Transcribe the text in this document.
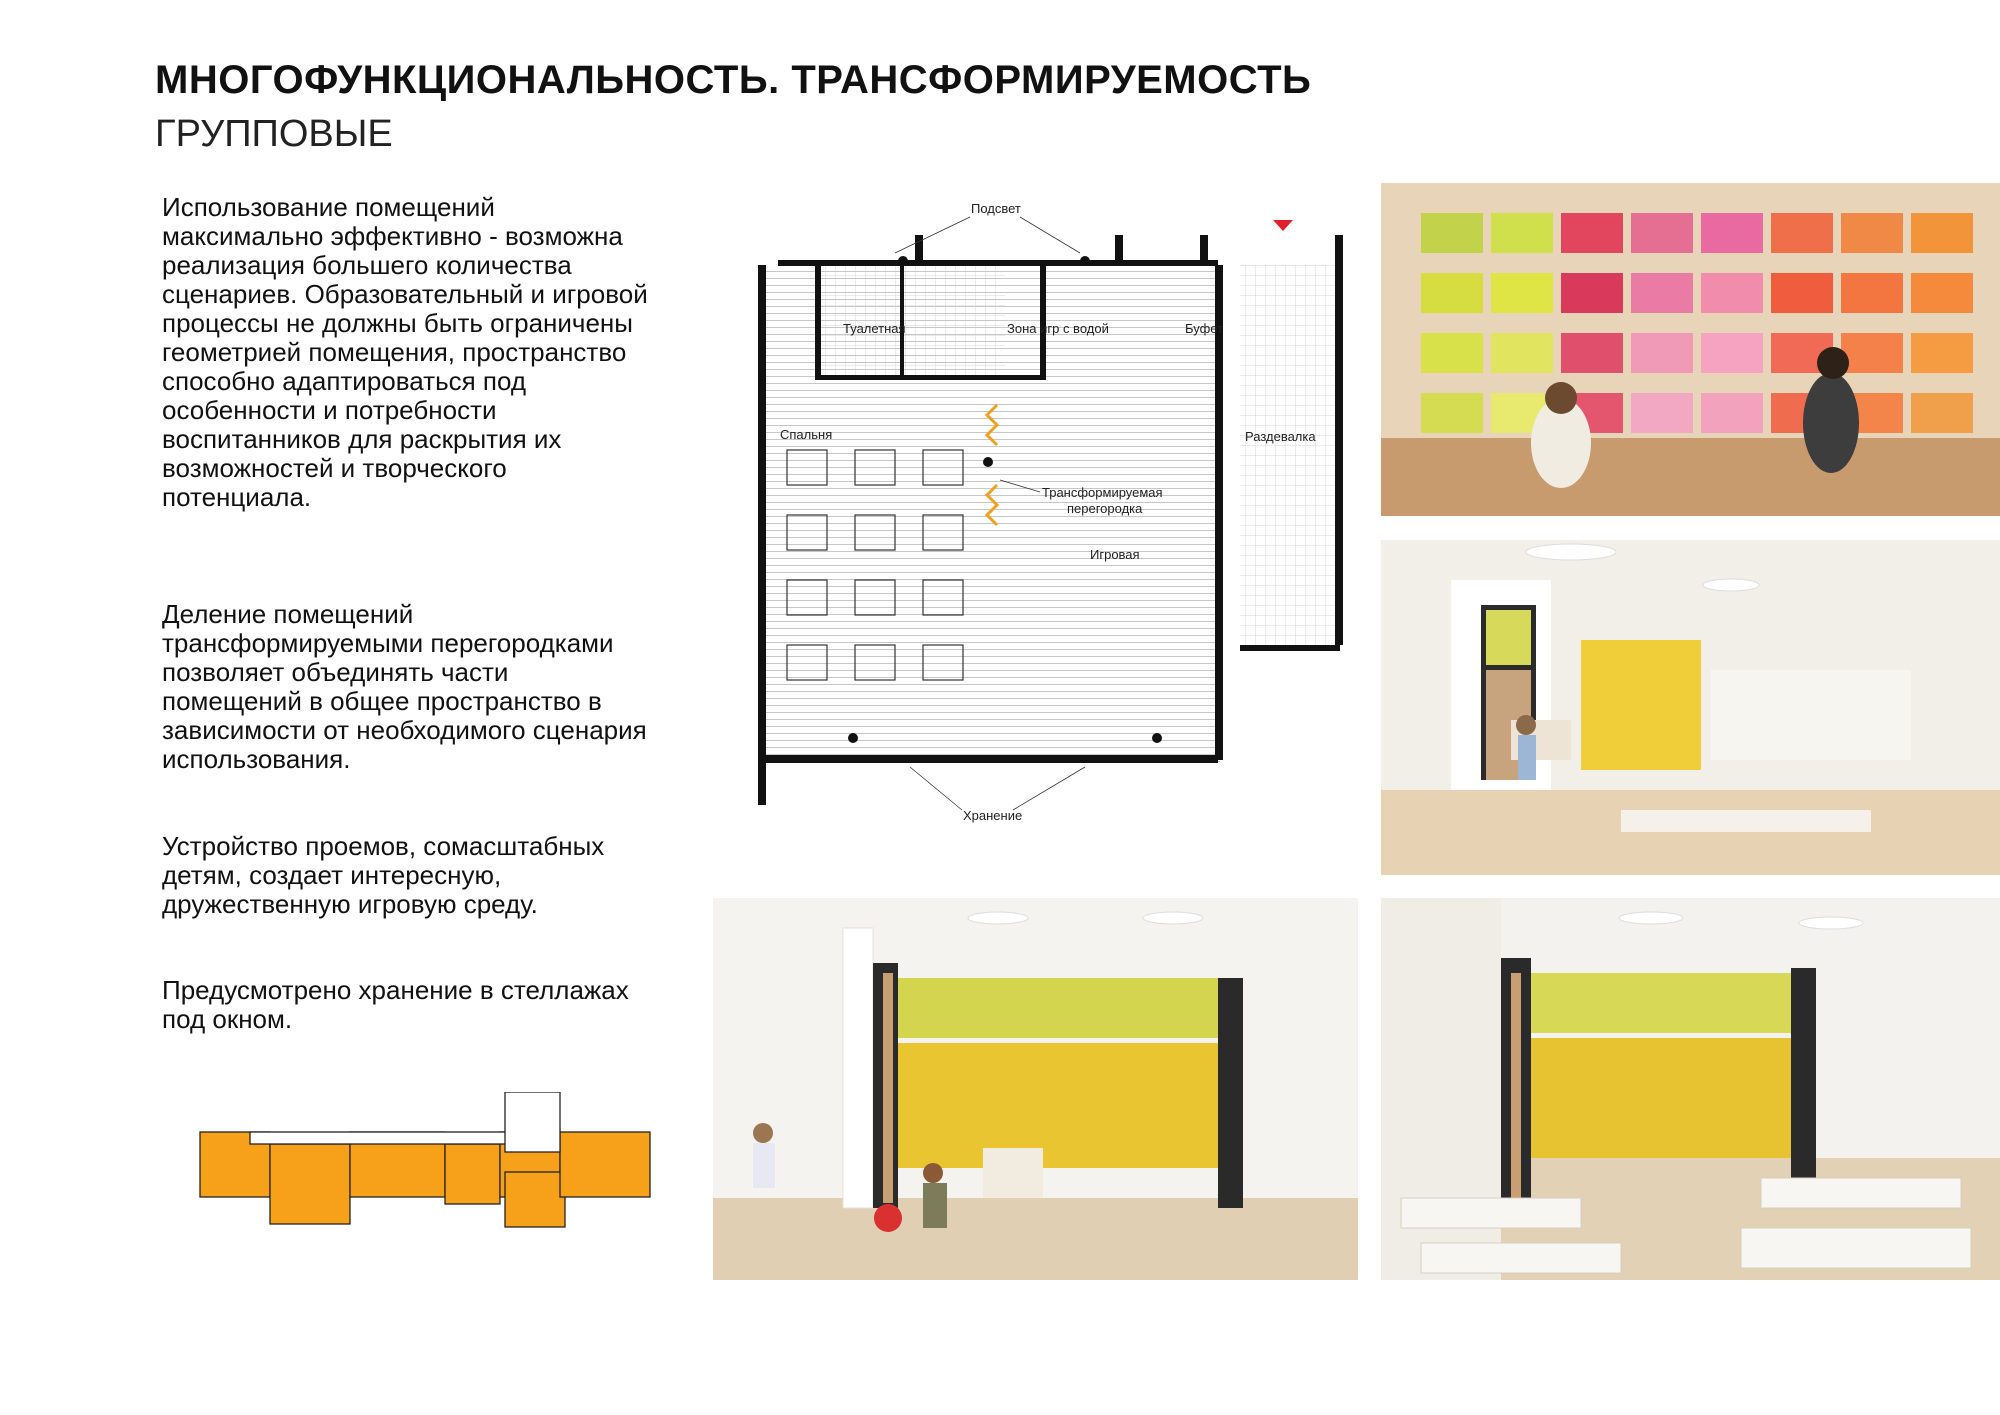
МНОГОФУНКЦИОНАЛЬНОСТЬ. ТРАНСФОРМИРУЕМОСТЬ
ГРУППОВЫЕ
Использование помещений максимально эффективно - возможна реализация большего количества сценариев. Образовательный и игровой процессы не должны быть ограничены геометрией помещения, пространство способно адаптироваться под особенности и потребности воспитанников для раскрытия их возможностей и творческого потенциала.
Деление помещений трансформируемыми перегородками позволяет объединять части помещений в общее пространство в зависимости от необходимого сценария использования.
Устройство проемов, сомасштабных детям, создает интересную, дружественную игровую среду.
Предусмотрено хранение в стеллажах под окном.
Подсвет
Туалетная	Зона игр с водой	Буфет
Раздевалка
Спальня
Трансформируемая
перегородка
Игровая
Хранение
